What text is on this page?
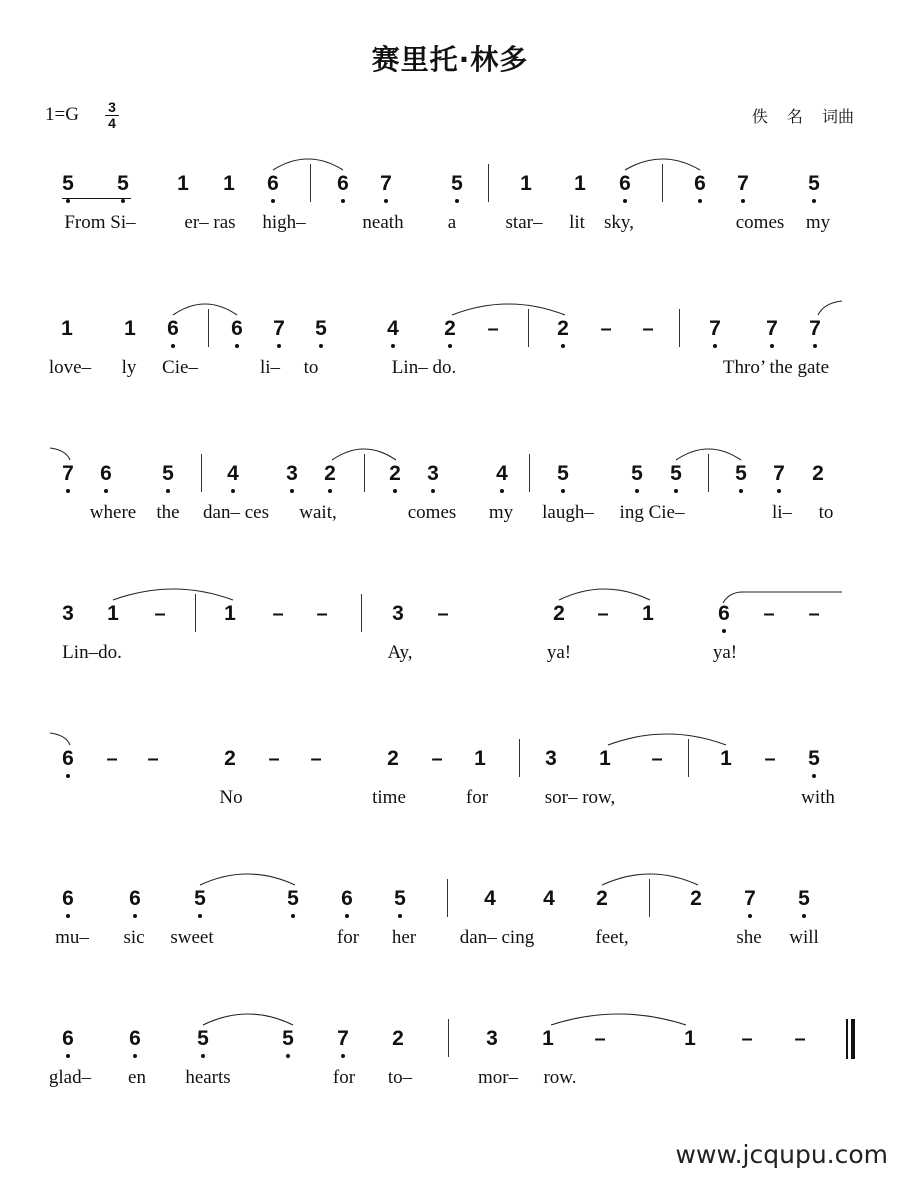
赛里托·林多
1=G 3
4	佚 名 词曲
5 5 1 1 6	6 7	5	1 1 6	6 7	5
From Si–	er– ras high–	neath a	star– lit sky,	comes my
1 1 6 6 7 5	4 2	–	2	–	–	7 7 7
love– ly Cie–	li– to	Lin– do.	Thro’ the gate
7 6 5	4 3 2	2 3	4 5	5 5	5 7 2
where the dan– ces wait,	comes my laugh– ing Cie–	li– to
3 1	–	1	–	–	3	–	2	–	1	6	–	–
Lin–do.	Ay,	ya!	ya!
6	–	–	2	–	–	2	–	1	3 1	–	1	–	5
No	time	for	sor– row,	with
6	6	5	5 6 5	4 4 2	2 7 5
mu– sic sweet	for her dan– cing	feet,	she will
6	6	5	5 7 2	3 1	–	1	–	–
glad– en hearts	for to–	mor– row.
www.jcqupu.com
